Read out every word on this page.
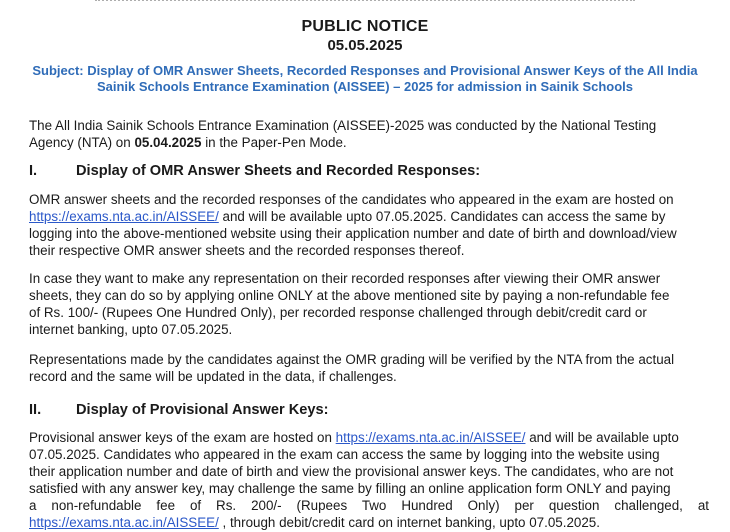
PUBLIC NOTICE
05.05.2025
Subject: Display of OMR Answer Sheets, Recorded Responses and Provisional Answer Keys of the All India
Sainik Schools Entrance Examination (AISSEE) – 2025 for admission in Sainik Schools
The All India Sainik Schools Entrance Examination (AISSEE)-2025 was conducted by the National Testing
Agency (NTA) on 05.04.2025 in the Paper-Pen Mode.
I.	Display of OMR Answer Sheets and Recorded Responses:
OMR answer sheets and the recorded responses of the candidates who appeared in the exam are hosted on
https://exams.nta.ac.in/AISSEE/ and will be available upto 07.05.2025. Candidates can access the same by
logging into the above-mentioned website using their application number and date of birth and download/view
their respective OMR answer sheets and the recorded responses thereof.
In case they want to make any representation on their recorded responses after viewing their OMR answer
sheets, they can do so by applying online ONLY at the above mentioned site by paying a non-refundable fee
of Rs. 100/- (Rupees One Hundred Only), per recorded response challenged through debit/credit card or
internet banking, upto 07.05.2025.
Representations made by the candidates against the OMR grading will be verified by the NTA from the actual
record and the same will be updated in the data, if challenges.
II. Display of Provisional Answer Keys:
Provisional answer keys of the exam are hosted on https://exams.nta.ac.in/AISSEE/ and will be available upto
07.05.2025. Candidates who appeared in the exam can access the same by logging into the website using
their application number and date of birth and view the provisional answer keys. The candidates, who are not
satisfied with any answer key, may challenge the same by filling an online application form ONLY and paying
a non-refundable fee of Rs. 200/- (Rupees Two Hundred Only) per question challenged, at
https://exams.nta.ac.in/AISSEE/ , through debit/credit card on internet banking, upto 07.05.2025.
